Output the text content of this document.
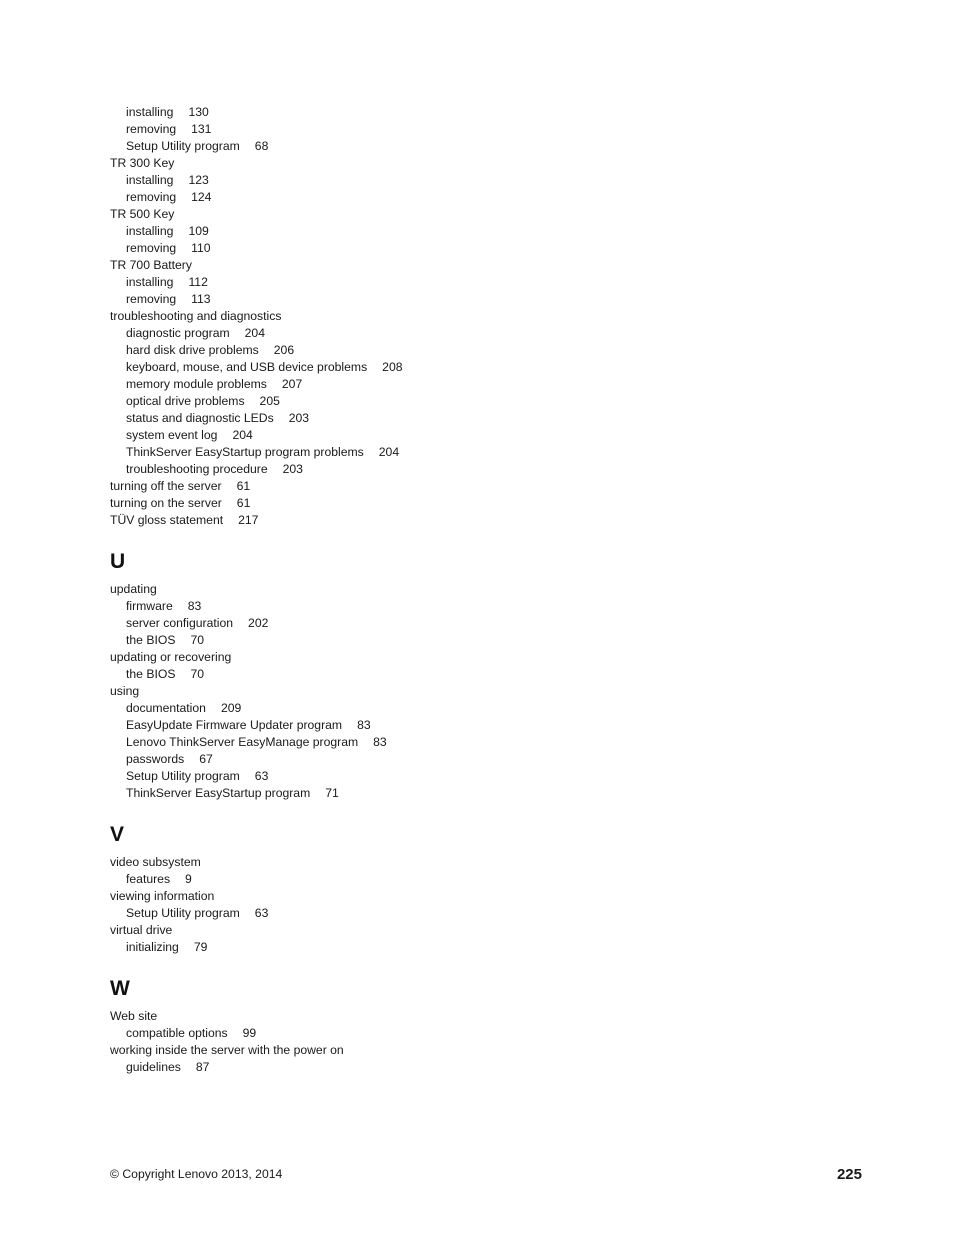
installing 130
removing 131
Setup Utility program 68
TR 300 Key
installing 123
removing 124
TR 500 Key
installing 109
removing 110
TR 700 Battery
installing 112
removing 113
troubleshooting and diagnostics
diagnostic program 204
hard disk drive problems 206
keyboard, mouse, and USB device problems 208
memory module problems 207
optical drive problems 205
status and diagnostic LEDs 203
system event log 204
ThinkServer EasyStartup program problems 204
troubleshooting procedure 203
turning off the server 61
turning on the server 61
TÜV gloss statement 217
U
updating
firmware 83
server configuration 202
the BIOS 70
updating or recovering
the BIOS 70
using
documentation 209
EasyUpdate Firmware Updater program 83
Lenovo ThinkServer EasyManage program 83
passwords 67
Setup Utility program 63
ThinkServer EasyStartup program 71
V
video subsystem
features 9
viewing information
Setup Utility program 63
virtual drive
initializing 79
W
Web site
compatible options 99
working inside the server with the power on
guidelines 87
© Copyright Lenovo 2013, 2014	225
